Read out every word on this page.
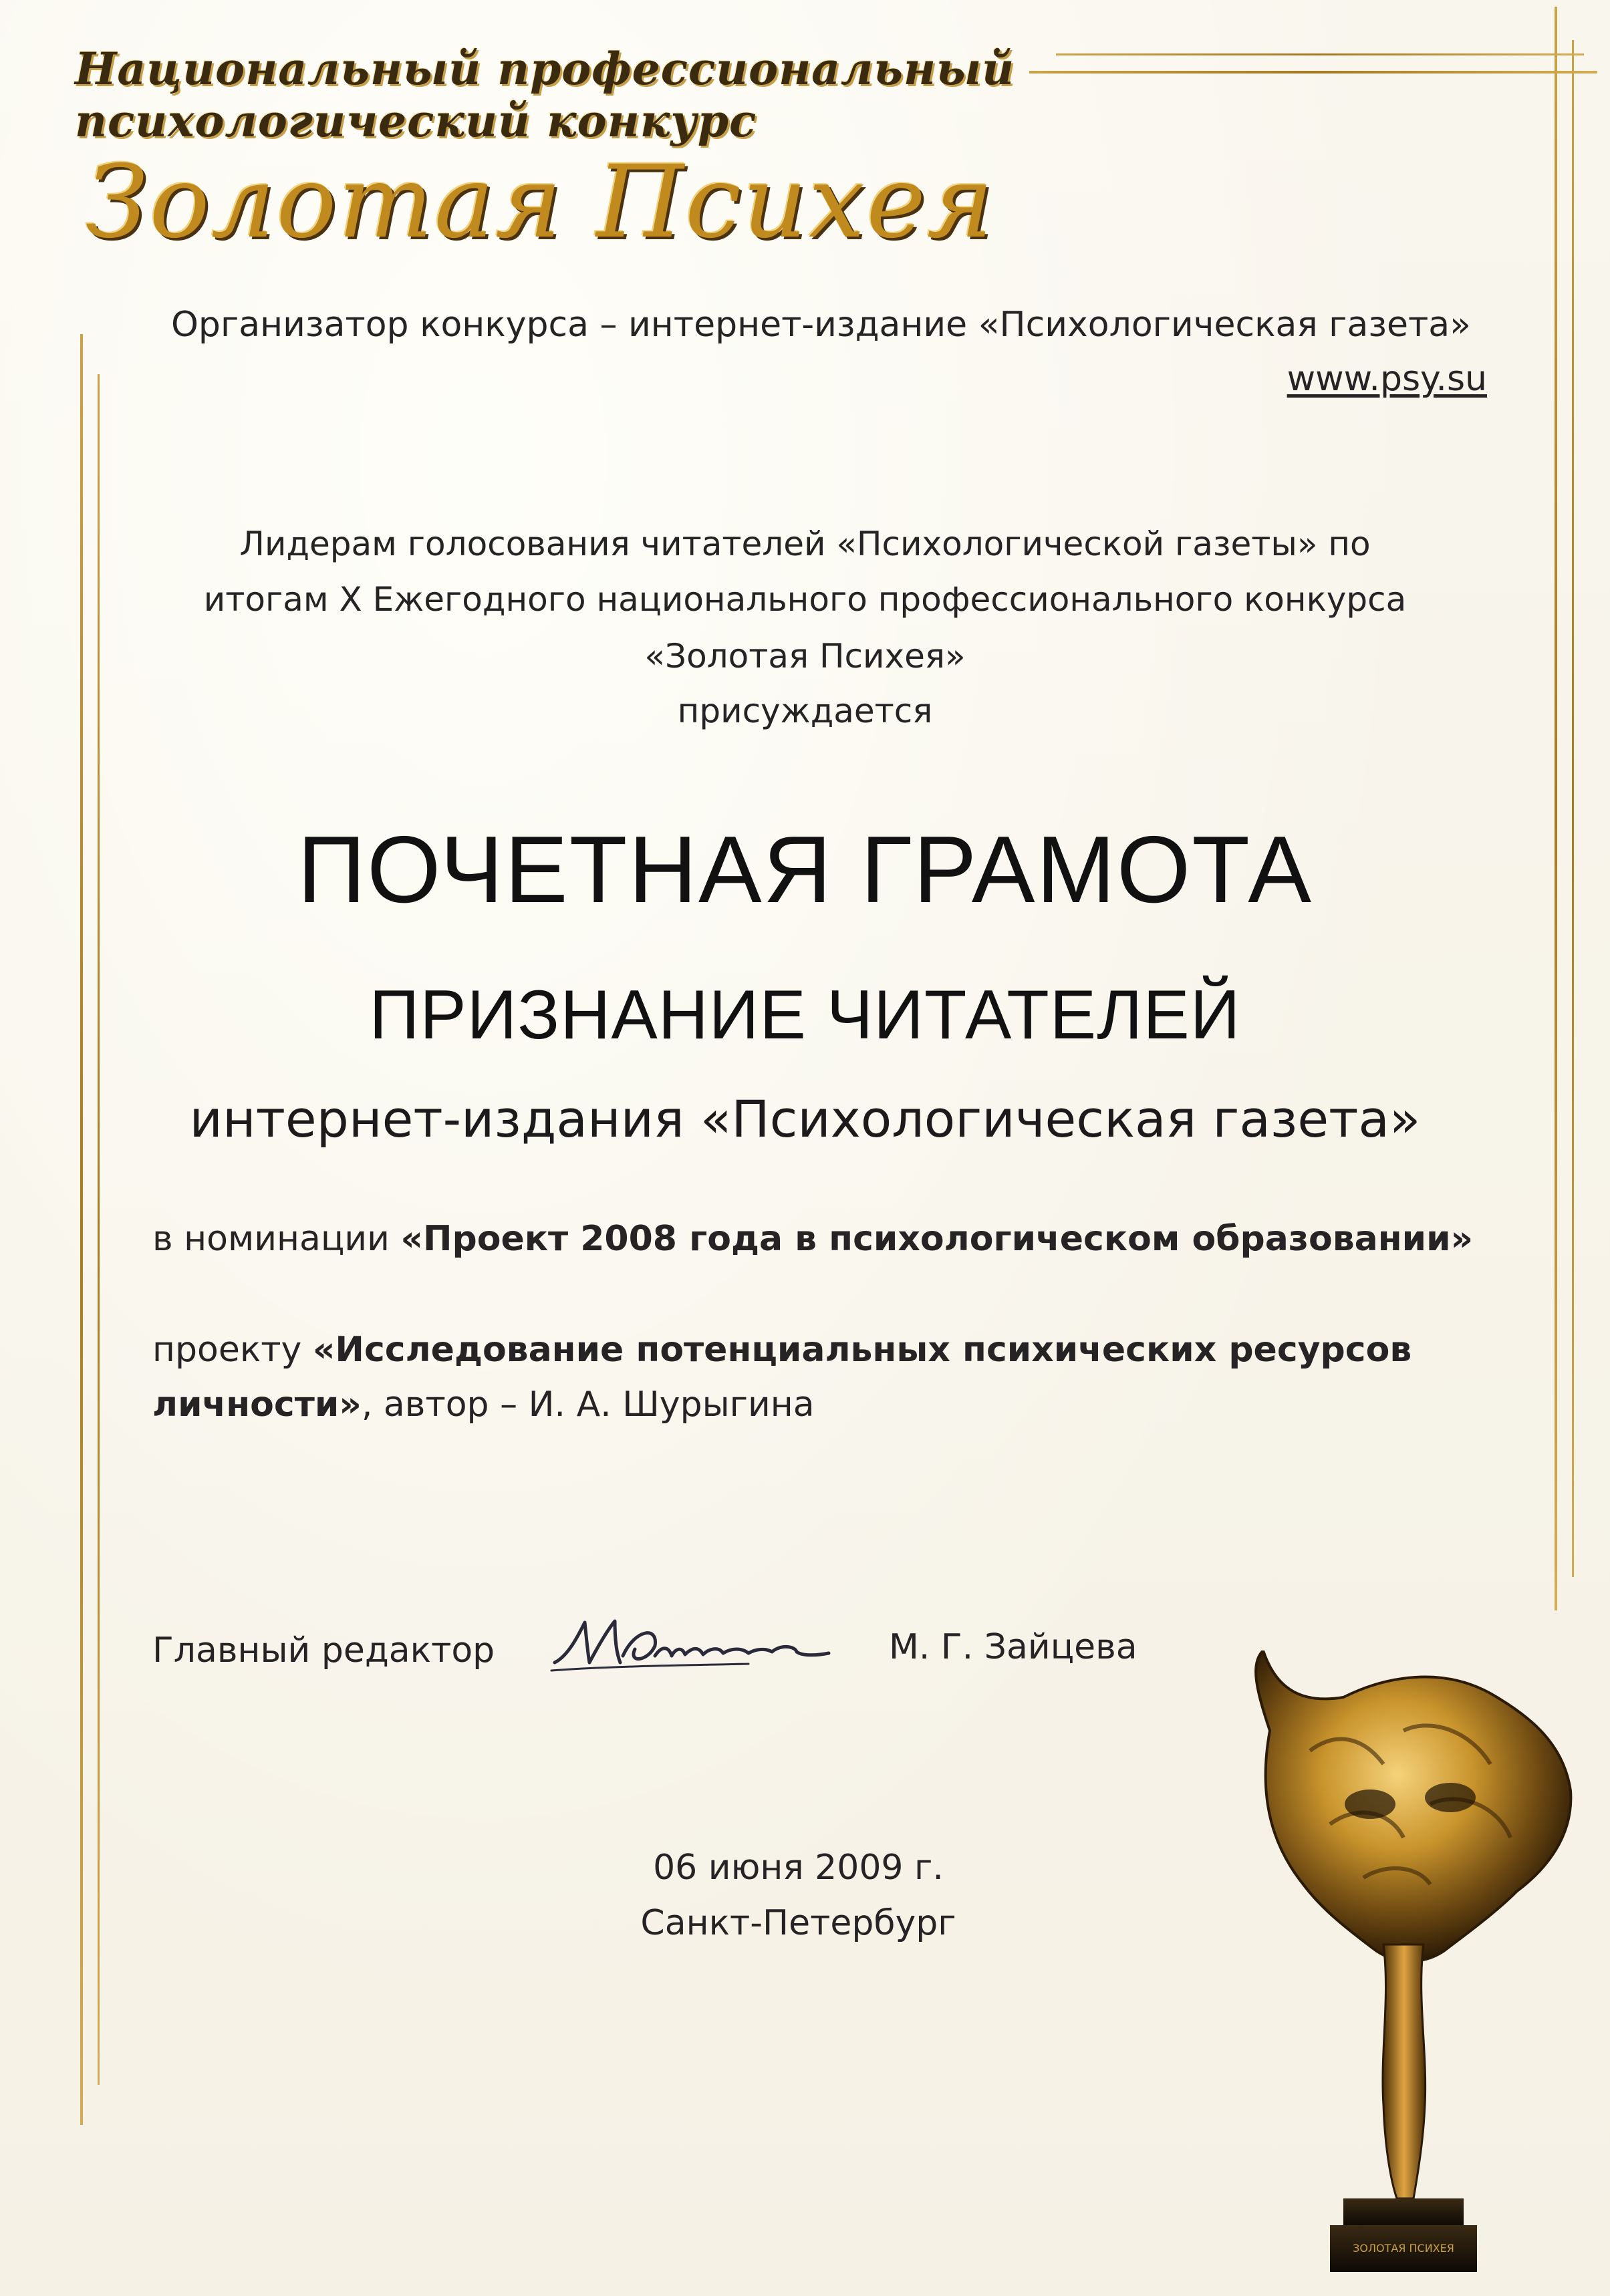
Национальный профессиональный
психологический конкурс
Золотая Психея
Организатор конкурса – интернет-издание «Психологическая газета»
www.psy.su
Лидерам голосования читателей «Психологической газеты» по
итогам Х Ежегодного национального профессионального конкурса
«Золотая Психея»
присуждается
ПОЧЕТНАЯ ГРАМОТА
ПРИЗНАНИЕ ЧИТАТЕЛЕЙ
интернет-издания «Психологическая газета»
в номинации «Проект 2008 года в психологическом образовании»
проекту «Исследование потенциальных психических ресурсов
личности», автор – И. А. Шурыгина
Главный редактор	М. Г. Зайцева
06 июня 2009 г.
Санкт-Петербург
ЗОЛОТАЯ ПСИХЕЯ
